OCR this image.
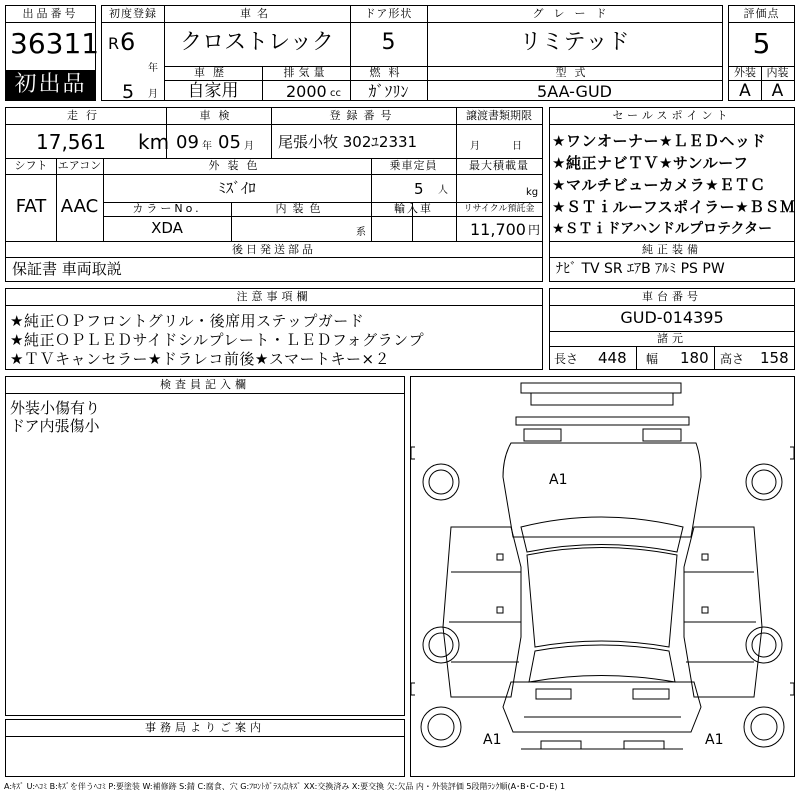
出品番号
36311
初出品
初度登録
R 6
年
5 月
車名
クロストレック
ドア形状
5
グレード
リミテッド
車歴
自家用
排気量
2000 cc
燃料
ｶﾞｿﾘﾝ
型式
5AA-GUD
評価点
5
外装 内装
A	A
走行
17,561 km
車検
09 年 05 月
登録番号
尾張小牧 302ﾕ2331
譲渡書類期限
月	日
シフト エアコン
FAT AAC
外装色
ﾐｽﾞｲﾛ
乗車定員
5 人
最大積載量
kg
カラーNo.
XDA
内装色
系
輸入車	リサイクル預託金
11,700 円
セールスポイント
★ワンオーナー★ＬＥＤヘッド
★純正ナビＴＶ★サンルーフ
★マルチビューカメラ★ＥＴＣ
★ＳＴｉルーフスポイラー★ＢＳＭ
★ＳＴｉドアハンドルプロテクター
後日発送部品
保証書 車両取説
純正装備
ﾅﾋﾞ TV SR ｴｱB ｱﾙﾐ PS PW
注意事項欄
★純正ＯＰフロントグリル・後席用ステップガード
★純正ＯＰＬＥＤサイドシルプレート・ＬＥＤフォグランプ
★ＴＶキャンセラー★ドラレコ前後★スマートキー×２
車台番号
GUD-014395
諸元
長さ 448 幅 180 高さ 158
検査員記入欄
外装小傷有り
ドア内張傷小
事務局よりご案内
A1
A1	A1
A:ｷｽﾞ U:ﾍｺﾐ B:ｷｽﾞを伴うﾍｺﾐ P:要塗装 W:補修跡 S:錆 C:腐食、穴 G:ﾌﾛﾝﾄｶﾞﾗｽ点ｷｽﾞ XX:交換済み X:要交換 欠:欠品 内・外装評価 5段階ﾗﾝｸ順(A･B･C･D･E) 1
